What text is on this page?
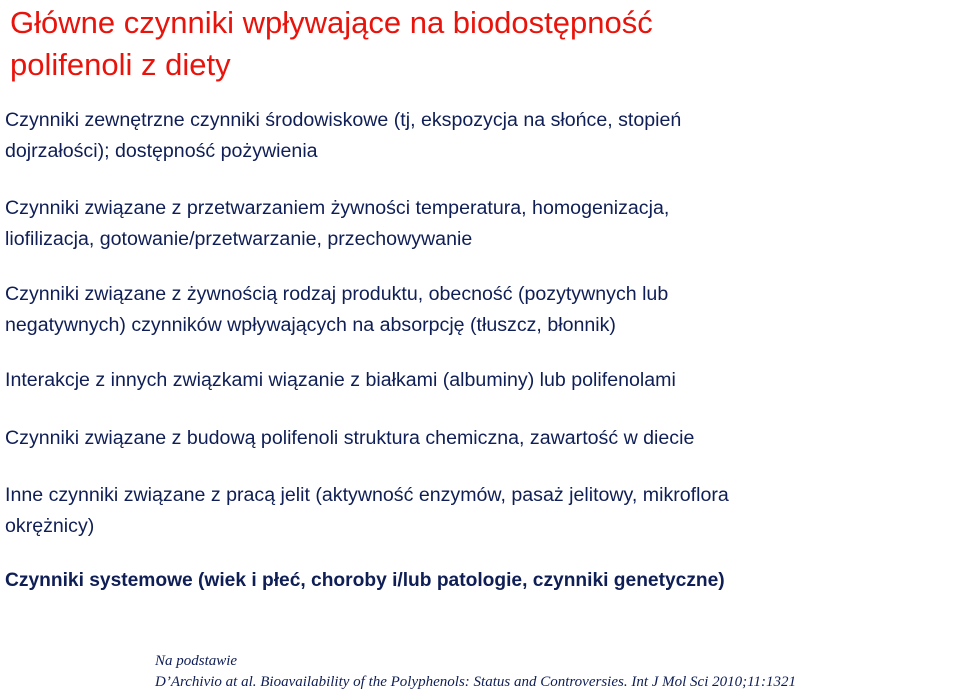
Główne czynniki wpływające na biodostępność
polifenoli z diety

Czynniki zewnętrzne czynniki środowiskowe (tj, ekspozycja na słońce, stopień
dojrzałości); dostępność pożywienia

Czynniki związane z przetwarzaniem żywności temperatura, homogenizacja,
liofilizacja, gotowanie/przetwarzanie, przechowywanie

Czynniki związane z żywnością rodzaj produktu, obecność (pozytywnych lub
negatywnych) czynników wpływających na absorpcję (tłuszcz, błonnik)

Interakcje z innych związkami wiązanie z białkami (albuminy) lub polifenolami

Czynniki związane z budową polifenoli struktura chemiczna, zawartość w diecie

Inne czynniki związane z pracą jelit (aktywność enzymów, pasaż jelitowy, mikroflora
okrężnicy)

Czynniki systemowe (wiek i płeć, choroby i/lub patologie, czynniki genetyczne)

Na podstawie
D’Archivio at al. Bioavailability of the Polyphenols: Status and Controversies. Int J Mol Sci 2010;11:1321
